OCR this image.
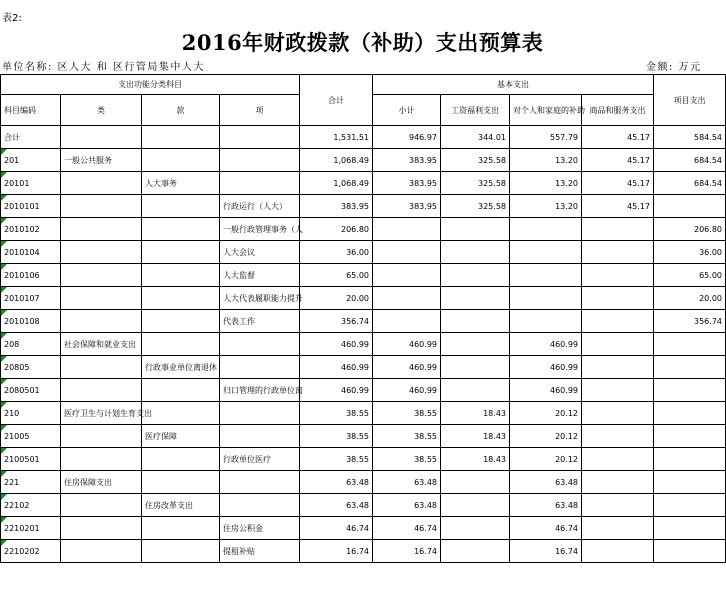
表2:
2016年财政拨款（补助）支出预算表
单位名称: 区人大 和 区行管局集中人大	金额: 万元
支出功能分类科目				合计	基本支出				项目支出
科目编码	类	款	项		小计	工资福利支出	对个人和家庭的补助	商品和服务支出	
合计				1,531.51	946.97	344.01	557.79	45.17	584.54
201	一般公共服务			1,068.49	383.95	325.58	13.20	45.17	684.54
20101		人大事务		1,068.49	383.95	325.58	13.20	45.17	684.54
2010101			行政运行（人大）	383.95	383.95	325.58	13.20	45.17	
2010102			一般行政管理事务（人	206.80					206.80
2010104			人大会议	36.00					36.00
2010106			人大监督	65.00					65.00
2010107			人大代表履职能力提升	20.00					20.00
2010108			代表工作	356.74					356.74
208	社会保障和就业支出			460.99	460.99		460.99		
20805		行政事业单位离退休		460.99	460.99		460.99		
2080501			归口管理的行政单位离	460.99	460.99		460.99		
210	医疗卫生与计划生育支出			38.55	38.55	18.43	20.12		
21005		医疗保障		38.55	38.55	18.43	20.12		
2100501			行政单位医疗	38.55	38.55	18.43	20.12		
221	住房保障支出			63.48	63.48		63.48		
22102		住房改革支出		63.48	63.48		63.48		
2210201			住房公积金	46.74	46.74		46.74		
2210202			提租补贴	16.74	16.74		16.74		
